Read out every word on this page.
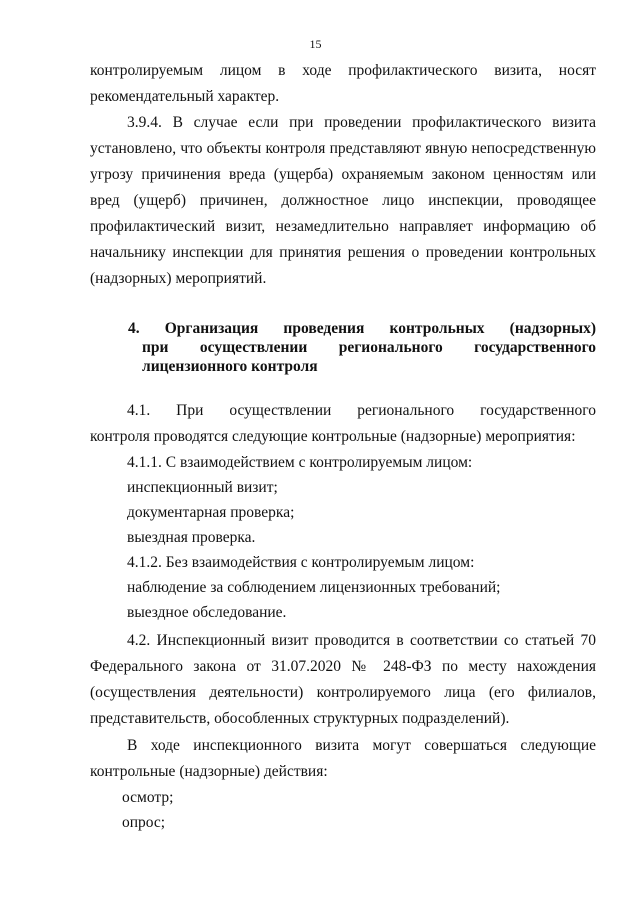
15
контролируемым лицом в ходе профилактического визита, носят
рекомендательный характер.
3.9.4. В случае если при проведении профилактического визита
установлено, что объекты контроля представляют явную непосредственную
угрозу причинения вреда (ущерба) охраняемым законом ценностям или
вред (ущерб) причинен, должностное лицо инспекции, проводящее
профилактический визит, незамедлительно направляет информацию об
начальнику инспекции для принятия решения о проведении контрольных
(надзорных) мероприятий.
4. Организация проведения контрольных (надзорных)
при осуществлении регионального государственного
лицензионного контроля
4.1. При осуществлении регионального государственного
контроля проводятся следующие контрольные (надзорные) мероприятия:
4.1.1. С взаимодействием с контролируемым лицом:
инспекционный визит;
документарная проверка;
выездная проверка.
4.1.2. Без взаимодействия с контролируемым лицом:
наблюдение за соблюдением лицензионных требований;
выездное обследование.
4.2. Инспекционный визит проводится в соответствии со статьей 70
Федерального закона от 31.07.2020 № 248-ФЗ по месту нахождения
(осуществления деятельности) контролируемого лица (его филиалов,
представительств, обособленных структурных подразделений).
В ходе инспекционного визита могут совершаться следующие
контрольные (надзорные) действия:
осмотр;
опрос;
